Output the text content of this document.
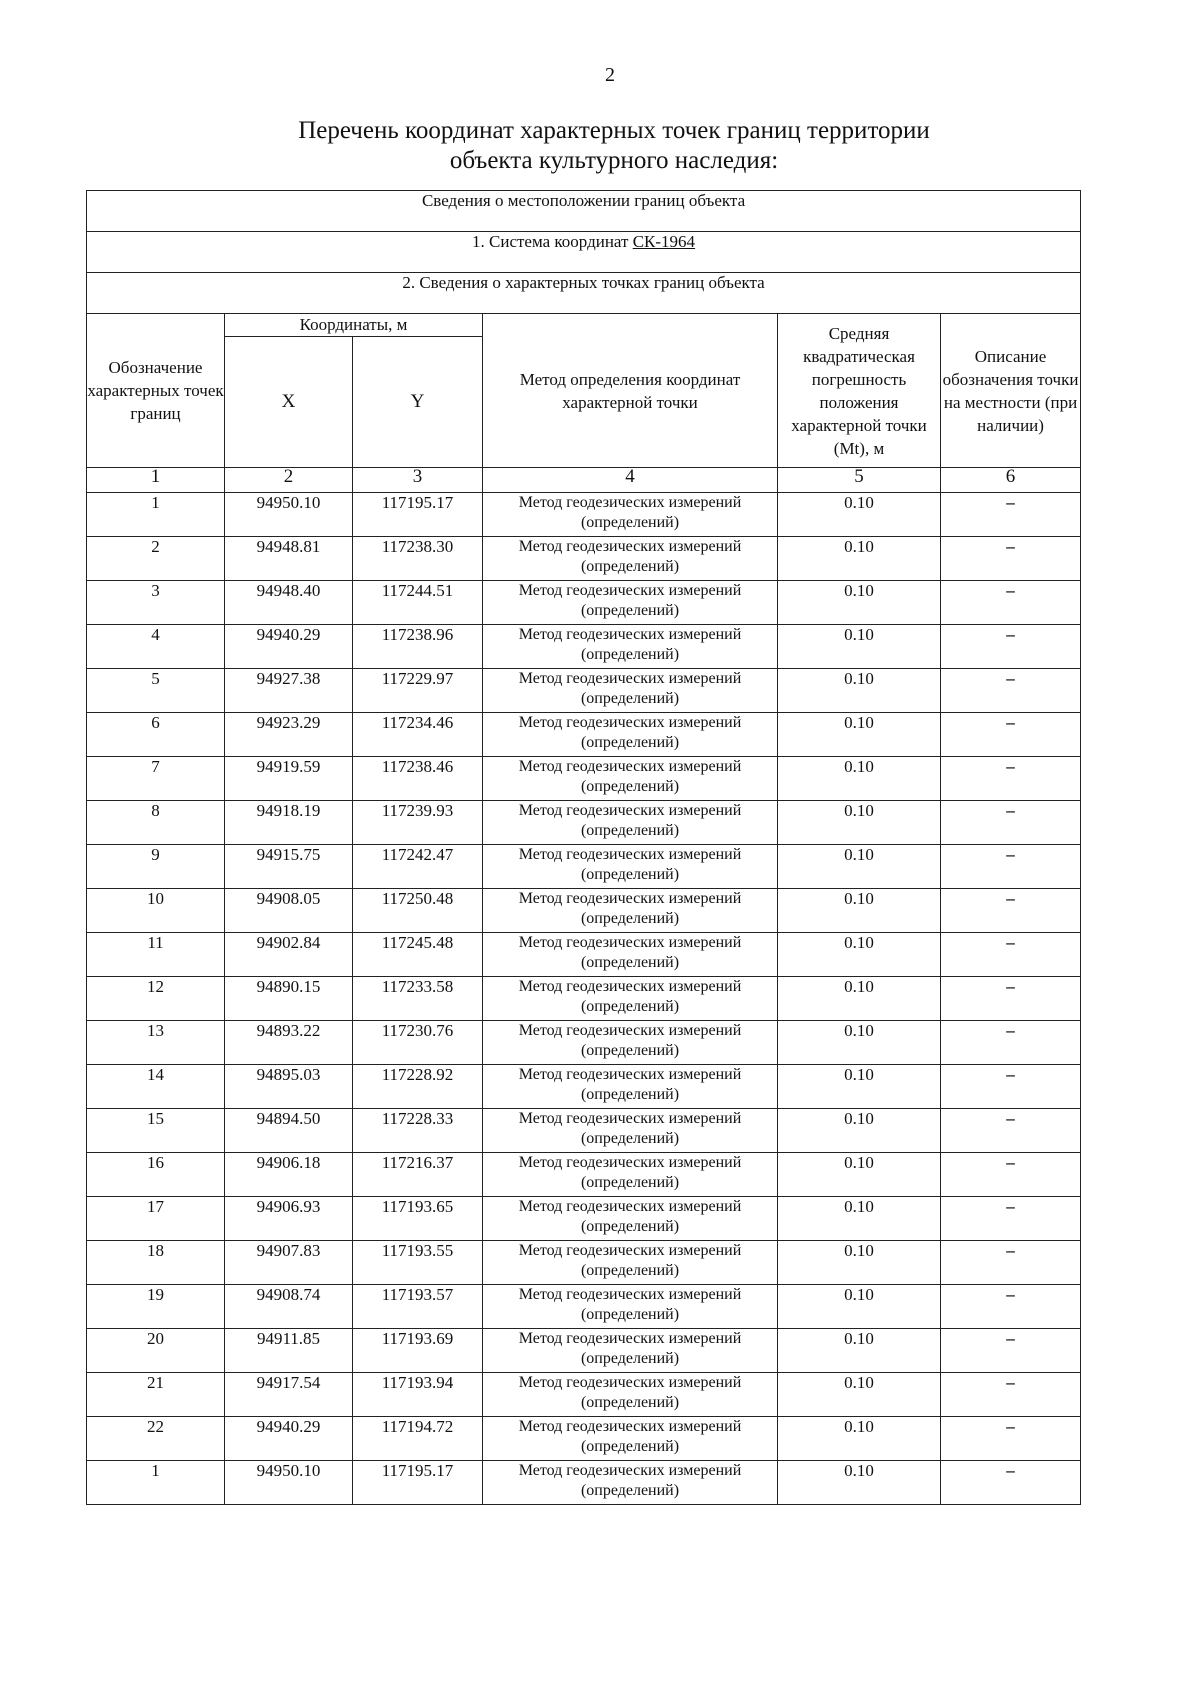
2
Перечень координат характерных точек границ территории
объекта культурного наследия:
Сведения о местоположении границ объекта					
1. Система координат СК-1964					
2. Сведения о характерных точках границ объекта					
Обозначение характерных точек границ	Координаты, м		Метод определения координат характерной точки	Средняя квадратическая погрешность положения характерной точки (Mt), м	Описание обозначения точки на местности (при наличии)
	X	Y			
1	2	3	4	5	6
1	94950.10	117195.17	Метод геодезических измерений (определений)	0.10	–
2	94948.81	117238.30	Метод геодезических измерений (определений)	0.10	–
3	94948.40	117244.51	Метод геодезических измерений (определений)	0.10	–
4	94940.29	117238.96	Метод геодезических измерений (определений)	0.10	–
5	94927.38	117229.97	Метод геодезических измерений (определений)	0.10	–
6	94923.29	117234.46	Метод геодезических измерений (определений)	0.10	–
7	94919.59	117238.46	Метод геодезических измерений (определений)	0.10	–
8	94918.19	117239.93	Метод геодезических измерений (определений)	0.10	–
9	94915.75	117242.47	Метод геодезических измерений (определений)	0.10	–
10	94908.05	117250.48	Метод геодезических измерений (определений)	0.10	–
11	94902.84	117245.48	Метод геодезических измерений (определений)	0.10	–
12	94890.15	117233.58	Метод геодезических измерений (определений)	0.10	–
13	94893.22	117230.76	Метод геодезических измерений (определений)	0.10	–
14	94895.03	117228.92	Метод геодезических измерений (определений)	0.10	–
15	94894.50	117228.33	Метод геодезических измерений (определений)	0.10	–
16	94906.18	117216.37	Метод геодезических измерений (определений)	0.10	–
17	94906.93	117193.65	Метод геодезических измерений (определений)	0.10	–
18	94907.83	117193.55	Метод геодезических измерений (определений)	0.10	–
19	94908.74	117193.57	Метод геодезических измерений (определений)	0.10	–
20	94911.85	117193.69	Метод геодезических измерений (определений)	0.10	–
21	94917.54	117193.94	Метод геодезических измерений (определений)	0.10	–
22	94940.29	117194.72	Метод геодезических измерений (определений)	0.10	–
1	94950.10	117195.17	Метод геодезических измерений (определений)	0.10	–
